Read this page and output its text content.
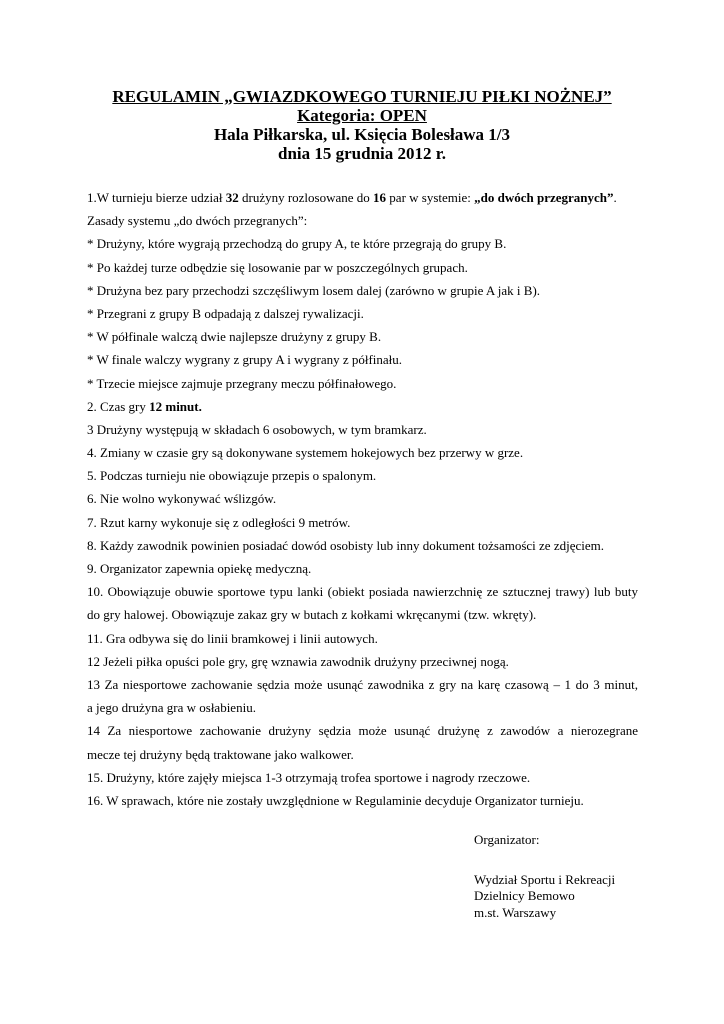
REGULAMIN „GWIAZDKOWEGO TURNIEJU PIŁKI NOŻNEJ”

Kategoria: OPEN

Hala Piłkarska, ul. Księcia Bolesława 1/3

dnia 15 grudnia 2012 r.

1.W turnieju bierze udział 32 drużyny rozlosowane do 16 par w systemie: „do dwóch przegranych”.
Zasady systemu „do dwóch przegranych”:
* Drużyny, które wygrają przechodzą do grupy A, te które przegrają do grupy B.
* Po każdej turze odbędzie się losowanie par w poszczególnych grupach.
* Drużyna bez pary przechodzi szczęśliwym losem dalej (zarówno w grupie A jak i B).
* Przegrani z grupy B odpadają z dalszej rywalizacji.
* W półfinale walczą dwie najlepsze drużyny z grupy B.
* W finale walczy wygrany z grupy A i wygrany z półfinału.
* Trzecie miejsce zajmuje przegrany meczu półfinałowego.
2. Czas gry 12 minut.
3 Drużyny występują w składach 6 osobowych, w tym bramkarz.
4. Zmiany w czasie gry są dokonywane systemem hokejowych bez przerwy w grze.
5. Podczas turnieju nie obowiązuje przepis o spalonym.
6. Nie wolno wykonywać wślizgów.
7. Rzut karny wykonuje się z odległości 9 metrów.
8. Każdy zawodnik powinien posiadać dowód osobisty lub inny dokument tożsamości ze zdjęciem.
9. Organizator zapewnia opiekę medyczną.
10. Obowiązuje obuwie sportowe typu lanki (obiekt posiada nawierzchnię ze sztucznej trawy) lub buty
do gry halowej. Obowiązuje zakaz gry w butach z kołkami wkręcanymi (tzw. wkręty).
11. Gra odbywa się do linii bramkowej i linii autowych.
12 Jeżeli piłka opuści pole gry, grę wznawia zawodnik drużyny przeciwnej nogą.
13 Za niesportowe zachowanie sędzia może usunąć zawodnika z gry na karę czasową – 1 do 3 minut,
a jego drużyna gra w osłabieniu.
14 Za niesportowe zachowanie drużyny sędzia może usunąć drużynę z zawodów a nierozegrane
mecze tej drużyny będą traktowane jako walkower.
15. Drużyny, które zajęły miejsca 1-3 otrzymają trofea sportowe i nagrody rzeczowe.
16. W sprawach, które nie zostały uwzględnione w Regulaminie decyduje Organizator turnieju.
Organizator:
Wydział Sportu i Rekreacji
Dzielnicy Bemowo
m.st. Warszawy
